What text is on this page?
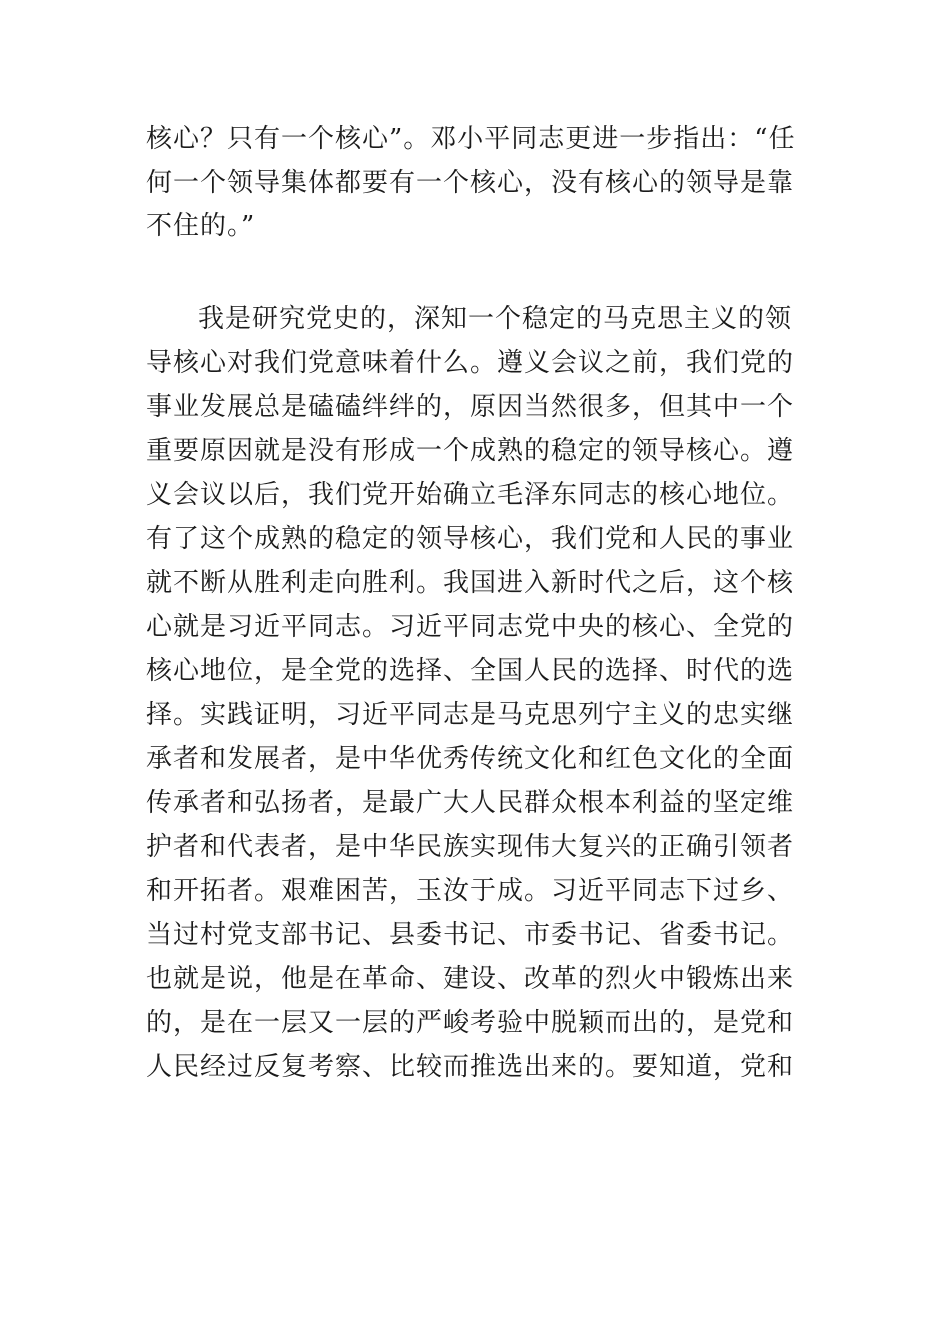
核心？只有一个核心”。邓小平同志更进一步指出：“任
何一个领导集体都要有一个核心，没有核心的领导是靠
不住的。”
我是研究党史的，深知一个稳定的马克思主义的领
导核心对我们党意味着什么。遵义会议之前，我们党的
事业发展总是磕磕绊绊的，原因当然很多，但其中一个
重要原因就是没有形成一个成熟的稳定的领导核心。遵
义会议以后，我们党开始确立毛泽东同志的核心地位。
有了这个成熟的稳定的领导核心，我们党和人民的事业
就不断从胜利走向胜利。我国进入新时代之后，这个核
心就是习近平同志。习近平同志党中央的核心、全党的
核心地位，是全党的选择、全国人民的选择、时代的选
择。实践证明，习近平同志是马克思列宁主义的忠实继
承者和发展者，是中华优秀传统文化和红色文化的全面
传承者和弘扬者，是最广大人民群众根本利益的坚定维
护者和代表者，是中华民族实现伟大复兴的正确引领者
和开拓者。艰难困苦，玉汝于成。习近平同志下过乡、
当过村党支部书记、县委书记、市委书记、省委书记。
也就是说，他是在革命、建设、改革的烈火中锻炼出来
的，是在一层又一层的严峻考验中脱颖而出的，是党和
人民经过反复考察、比较而推选出来的。要知道，党和
